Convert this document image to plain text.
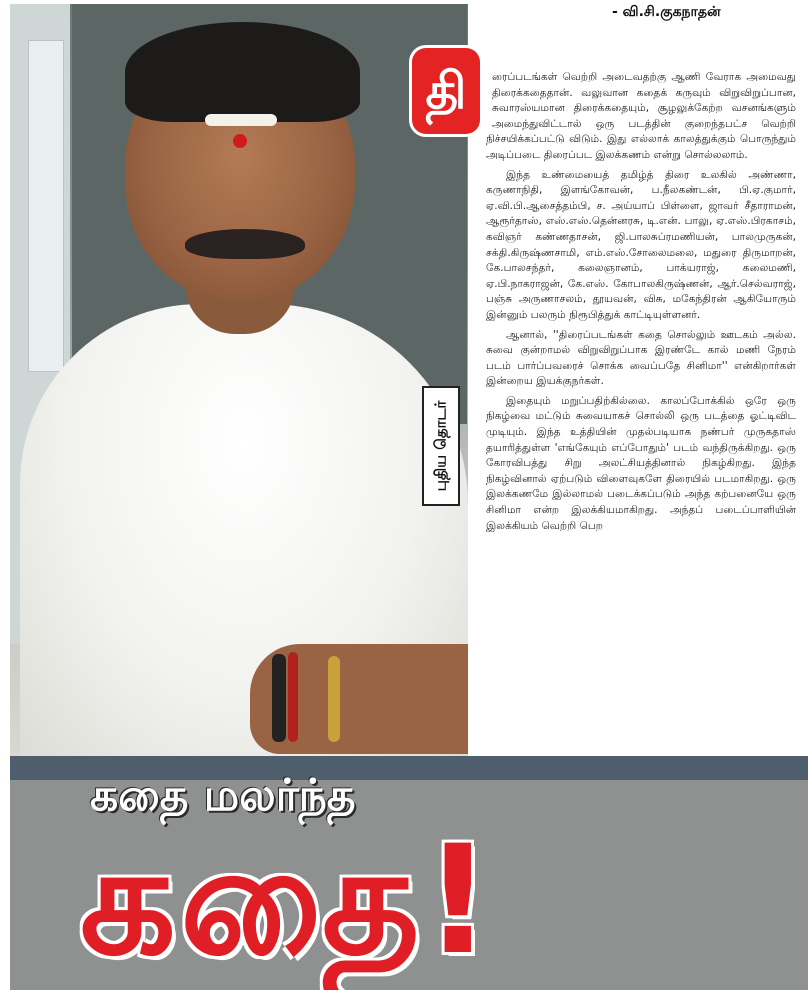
- வி.சி.குகநாதன்
தி
புதிய தொடர்

ரைப்படங்கள் வெற்றி அடைவதற்கு ஆணி வேராக அமைவது திரைக்கதைதான். வலுவான கதைக் கருவும் விறுவிறுப்பான, சுவாரஸ்யமான திரைக்கதையும், சூழலுக்கேற்ற வசனங்களும் அமைந்துவிட்டால் ஒரு படத்தின் குறைந்தபட்ச வெற்றி நிச்சயிக்கப்பட்டு விடும். இது எல்லாக் காலத்துக்கும் பொருந்தும் அடிப்படை திரைப்பட இலக்கணம் என்று சொல்லலாம்.

இந்த உண்மையைத் தமிழ்த் திரை உலகில் அண்ணா, கருணாநிதி, இளங்கோவன், ப.நீலகண்டன், பி.ஏ.குமார், ஏ.வி.பி.ஆசைத்தம்பி, ச. அய்யாப் பிள்ளை, ஜாவர் சீதாராமன், ஆரூர்தாஸ், எஸ்.எஸ்.தென்னரசு, டி.என். பாலு, ஏ.எஸ்.பிரகாசம், கவிஞர் கண்ணதாசன், ஜி.பாலசுப்ரமணியன், பாலமுருகன், சக்தி.கிருஷ்ணசாமி, எம்.எஸ்.சோலைமலை, மதுரை திருமாறன், கே.பாலசந்தர், கலைஞானம், பாக்யராஜ், கலைமணி, ஏ.பி.நாகராஜன், கே.எஸ். கோபாலகிருஷ்ணன், ஆர்.செல்வராஜ், பஞ்சு அருணாசலம், தூயவன், விசு, மகேந்திரன் ஆகியோரும் இன்னும் பலரும் நிரூபித்துக் காட்டியுள்ளனர்.

ஆனால், ''திரைப்படங்கள் கதை சொல்லும் ஊடகம் அல்ல. சுவை குன்றாமல் விறுவிறுப்பாக இரண்டே கால் மணி நேரம் படம் பார்ப்பவரைச் சொக்க வைப்பதே சினிமா'' என்கிறார்கள் இன்றைய இயக்குநர்கள்.

இதையும் மறுப்பதிற்கில்லை. காலப்போக்கில் ஒரே ஒரு நிகழ்வை மட்டும் சுவையாகச் சொல்லி ஒரு படத்தை ஓட்டிவிட முடியும். இந்த உத்தியின் முதல்படியாக நண்பர் முருகதாஸ் தயாரித்துள்ள 'எங்கேயும் எப்போதும்' படம் வந்திருக்கிறது. ஒரு கோரவிபத்து சிறு அலட்சியத்தினால் நிகழ்கிறது. இந்த நிகழ்வினால் ஏற்படும் விளைவுகளே திரையில் படமாகிறது. ஒரு இலக்கணமே இல்லாமல் படைக்கப்படும் அந்த கற்பனையே ஒரு சினிமா என்ற இலக்கியமாகிறது. அந்தப் படைப்பாளியின் இலக்கியம் வெற்றி பெற

கதை மலர்ந்த
கதை!
